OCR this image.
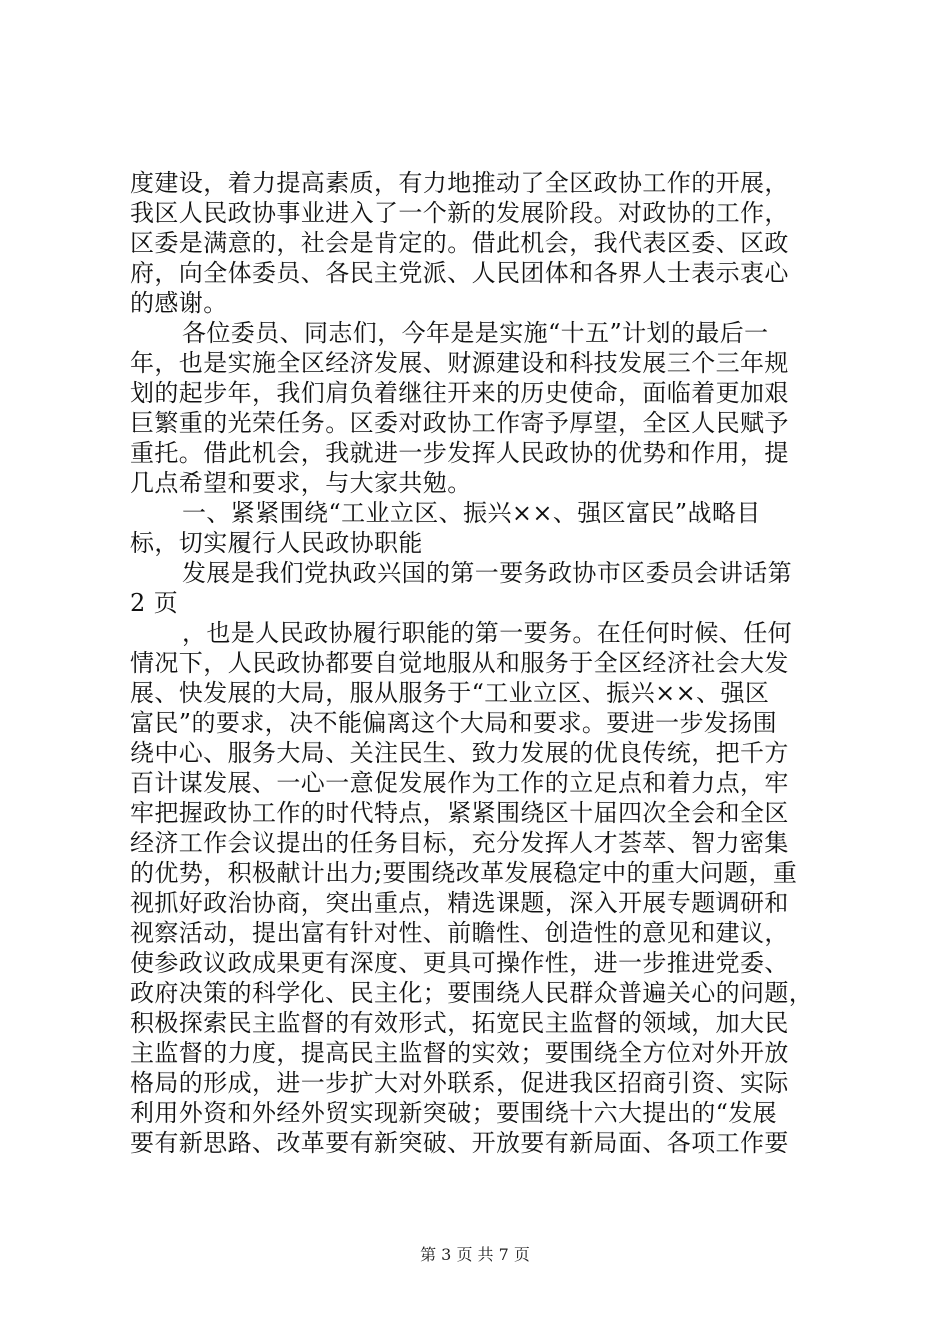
度建设，着力提高素质，有力地推动了全区政协工作的开展，
我区人民政协事业进入了一个新的发展阶段。对政协的工作，
区委是满意的，社会是肯定的。借此机会，我代表区委、区政
府，向全体委员、各民主党派、人民团体和各界人士表示衷心
的感谢。
各位委员、同志们，今年是是实施“十五”计划的最后一
年，也是实施全区经济发展、财源建设和科技发展三个三年规
划的起步年，我们肩负着继往开来的历史使命，面临着更加艰
巨繁重的光荣任务。区委对政协工作寄予厚望，全区人民赋予
重托。借此机会，我就进一步发挥人民政协的优势和作用，提
几点希望和要求，与大家共勉。
一、紧紧围绕“工业立区、振兴××、强区富民”战略目
标，切实履行人民政协职能
发展是我们党执政兴国的第一要务政协市区委员会讲话第
2 页
，也是人民政协履行职能的第一要务。在任何时候、任何
情况下，人民政协都要自觉地服从和服务于全区经济社会大发
展、快发展的大局，服从服务于“工业立区、振兴××、强区
富民”的要求，决不能偏离这个大局和要求。要进一步发扬围
绕中心、服务大局、关注民生、致力发展的优良传统，把千方
百计谋发展、一心一意促发展作为工作的立足点和着力点，牢
牢把握政协工作的时代特点，紧紧围绕区十届四次全会和全区
经济工作会议提出的任务目标，充分发挥人才荟萃、智力密集
的优势，积极献计出力;要围绕改革发展稳定中的重大问题，重
视抓好政治协商，突出重点，精选课题，深入开展专题调研和
视察活动，提出富有针对性、前瞻性、创造性的意见和建议，
使参政议政成果更有深度、更具可操作性，进一步推进党委、
政府决策的科学化、民主化；要围绕人民群众普遍关心的问题，
积极探索民主监督的有效形式，拓宽民主监督的领域，加大民
主监督的力度，提高民主监督的实效；要围绕全方位对外开放
格局的形成，进一步扩大对外联系，促进我区招商引资、实际
利用外资和外经外贸实现新突破；要围绕十六大提出的“发展
要有新思路、改革要有新突破、开放要有新局面、各项工作要
第 3 页 共 7 页
